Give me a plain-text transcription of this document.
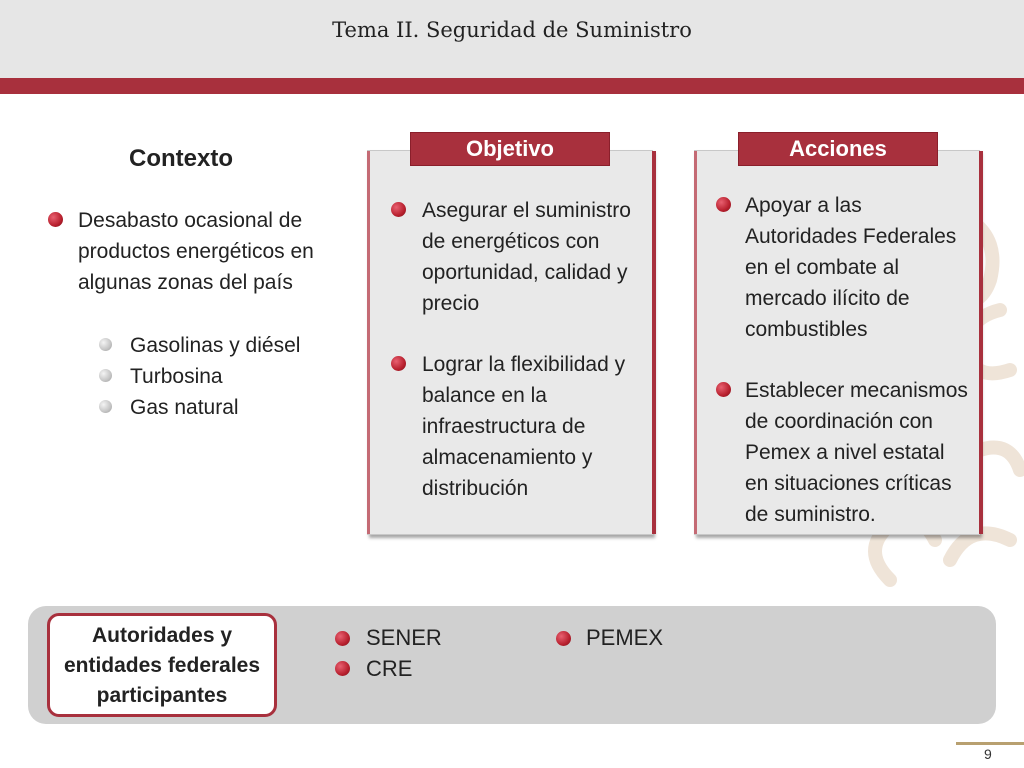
Tema II. Seguridad de Suministro
Contexto
Desabasto ocasional de productos energéticos en algunas zonas del país
Gasolinas y diésel
Turbosina
Gas natural
Objetivo
Asegurar el suministro de energéticos con oportunidad, calidad y precio
Lograr la flexibilidad y balance en la infraestructura de almacenamiento y distribución
Acciones
Apoyar a las Autoridades Federales en el combate al mercado ilícito de combustibles
Establecer mecanismos de coordinación con Pemex a nivel estatal en situaciones críticas de suministro.
Autoridades y entidades federales participantes
SENER
CRE
PEMEX
9
